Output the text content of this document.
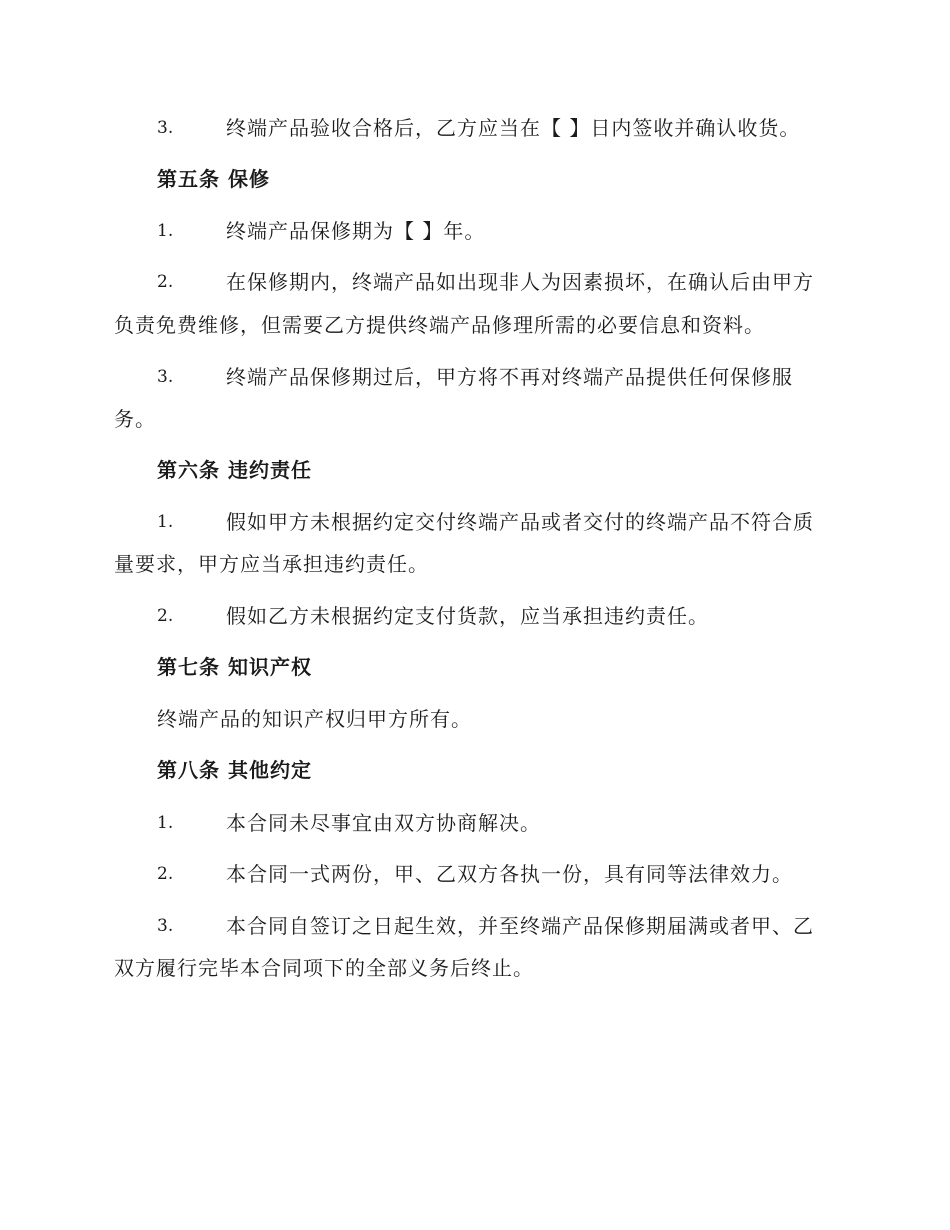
3.	终端产品验收合格后，乙方应当在【 】日内签收并确认收货。
第五条 保修
1.	终端产品保修期为【 】年。
2.	在保修期内，终端产品如出现非人为因素损坏，在确认后由甲方
负责免费维修，但需要乙方提供终端产品修理所需的必要信息和资料。
3.	终端产品保修期过后，甲方将不再对终端产品提供任何保修服
务。
第六条 违约责任
1.	假如甲方未根据约定交付终端产品或者交付的终端产品不符合质
量要求，甲方应当承担违约责任。
2.	假如乙方未根据约定支付货款，应当承担违约责任。
第七条 知识产权
终端产品的知识产权归甲方所有。
第八条 其他约定
1.	本合同未尽事宜由双方协商解决。
2.	本合同一式两份，甲、乙双方各执一份，具有同等法律效力。
3.	本合同自签订之日起生效，并至终端产品保修期届满或者甲、乙
双方履行完毕本合同项下的全部义务后终止。
